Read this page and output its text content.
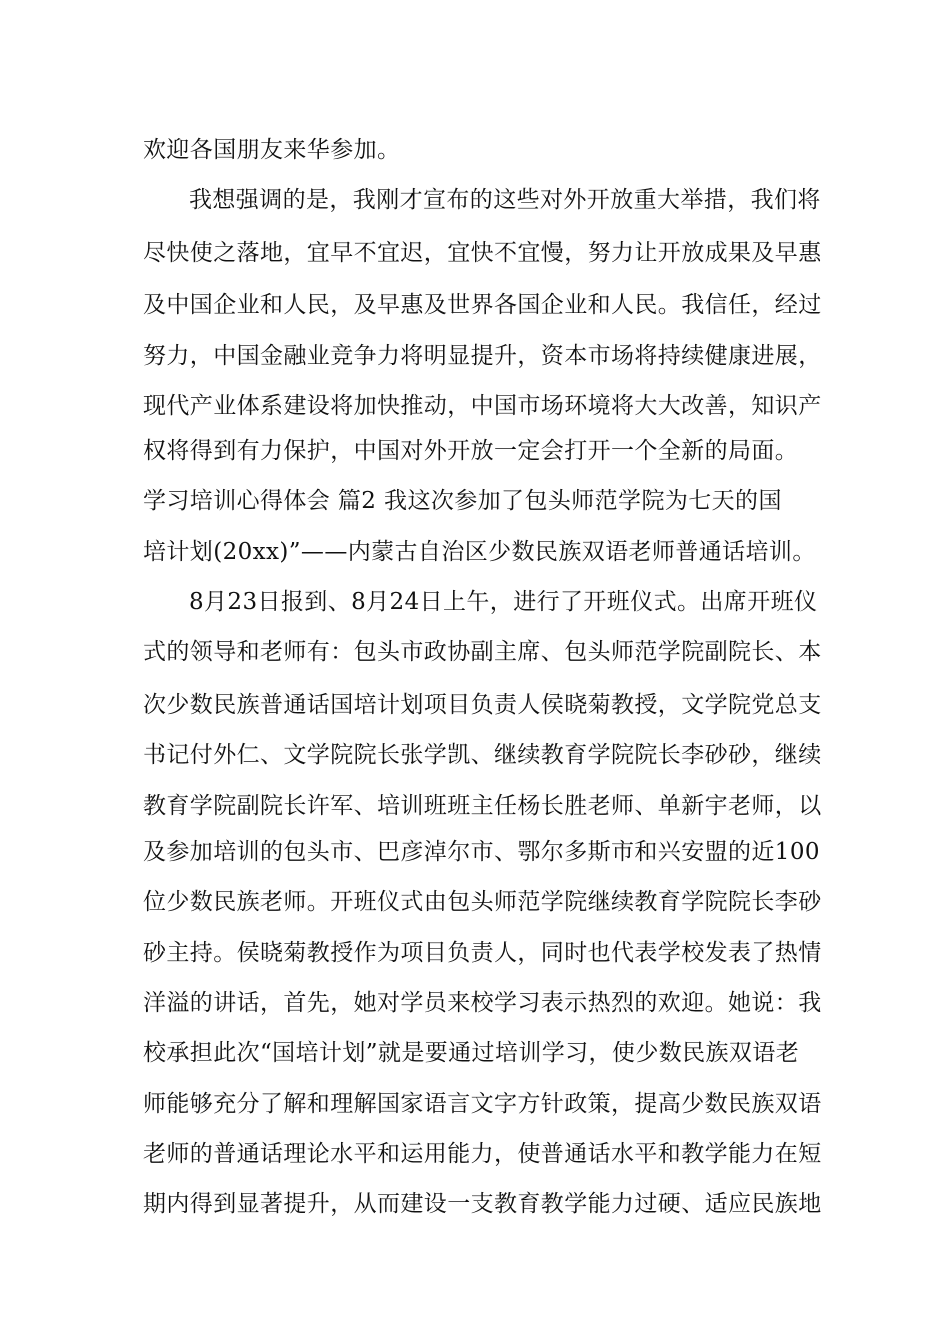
欢迎各国朋友来华参加。
我想强调的是，我刚才宣布的这些对外开放重大举措，我们将
尽快使之落地，宜早不宜迟，宜快不宜慢，努力让开放成果及早惠
及中国企业和人民，及早惠及世界各国企业和人民。我信任，经过
努力，中国金融业竞争力将明显提升，资本市场将持续健康进展，
现代产业体系建设将加快推动，中国市场环境将大大改善，知识产
权将得到有力保护，中国对外开放一定会打开一个全新的局面。
学习培训心得体会 篇2 我这次参加了包头师范学院为七天的国
培计划(20xx)”——内蒙古自治区少数民族双语老师普通话培训。
8月23日报到、8月24日上午，进行了开班仪式。出席开班仪
式的领导和老师有：包头市政协副主席、包头师范学院副院长、本
次少数民族普通话国培计划项目负责人侯晓菊教授，文学院党总支
书记付外仁、文学院院长张学凯、继续教育学院院长李砂砂，继续
教育学院副院长许军、培训班班主任杨长胜老师、单新宇老师，以
及参加培训的包头市、巴彦淖尔市、鄂尔多斯市和兴安盟的近100
位少数民族老师。开班仪式由包头师范学院继续教育学院院长李砂
砂主持。侯晓菊教授作为项目负责人，同时也代表学校发表了热情
洋溢的讲话，首先，她对学员来校学习表示热烈的欢迎。她说：我
校承担此次“国培计划”就是要通过培训学习，使少数民族双语老
师能够充分了解和理解国家语言文字方针政策，提高少数民族双语
老师的普通话理论水平和运用能力，使普通话水平和教学能力在短
期内得到显著提升，从而建设一支教育教学能力过硬、适应民族地
